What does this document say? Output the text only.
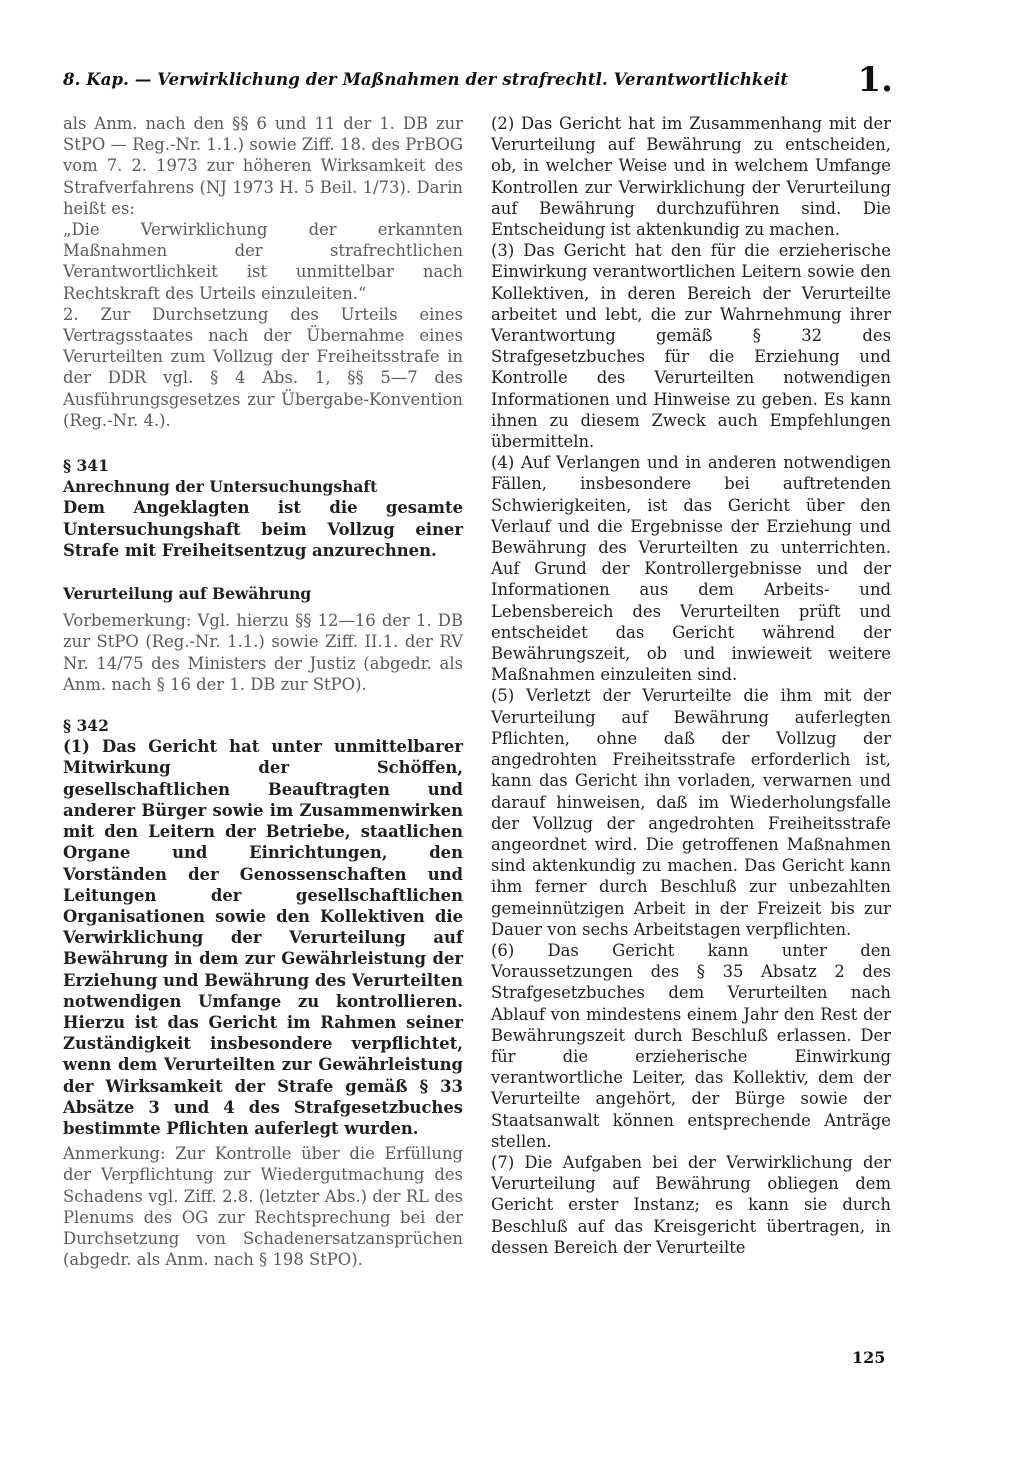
8. Kap. — Verwirklichung der Maßnahmen der strafrechtl. Verantwortlichkeit 1.

als Anm. nach den §§ 6 und 11 der 1. DB zur StPO — Reg.-Nr. 1.1.) sowie Ziff. 18. des PrBOG vom 7. 2. 1973 zur höheren Wirksamkeit des Strafverfahrens (NJ 1973 H. 5 Beil. 1/73). Darin heißt es:

„Die Verwirklichung der erkannten Maßnahmen der strafrechtlichen Verantwortlichkeit ist unmittelbar nach Rechtskraft des Urteils einzuleiten.“

2. Zur Durchsetzung des Urteils eines Vertragsstaates nach der Übernahme eines Verurteilten zum Vollzug der Freiheitsstrafe in der DDR vgl. § 4 Abs. 1, §§ 5—7 des Ausführungsgesetzes zur Übergabe-Konvention (Reg.-Nr. 4.).

§ 341

Anrechnung der Untersuchungshaft

Dem Angeklagten ist die gesamte Untersuchungshaft beim Vollzug einer Strafe mit Freiheitsentzug anzurechnen.

Verurteilung auf Bewährung

Vorbemerkung: Vgl. hierzu §§ 12—16 der 1. DB zur StPO (Reg.-Nr. 1.1.) sowie Ziff. II.1. der RV Nr. 14/75 des Ministers der Justiz (abgedr. als Anm. nach § 16 der 1. DB zur StPO).

§ 342

(1) Das Gericht hat unter unmittelbarer Mitwirkung der Schöffen, gesellschaftlichen Beauftragten und anderer Bürger sowie im Zusammenwirken mit den Leitern der Betriebe, staatlichen Organe und Einrichtungen, den Vorständen der Genossenschaften und Leitungen der gesellschaftlichen Organisationen sowie den Kollektiven die Verwirklichung der Verurteilung auf Bewährung in dem zur Gewährleistung der Erziehung und Bewährung des Verurteilten notwendigen Umfange zu kontrollieren. Hierzu ist das Gericht im Rahmen seiner Zuständigkeit insbesondere verpflichtet, wenn dem Verurteilten zur Gewährleistung der Wirksamkeit der Strafe gemäß § 33 Absätze 3 und 4 des Strafgesetzbuches bestimmte Pflichten auferlegt wurden.

Anmerkung: Zur Kontrolle über die Erfüllung der Verpflichtung zur Wiedergutmachung des Schadens vgl. Ziff. 2.8. (letzter Abs.) der RL des Plenums des OG zur Rechtsprechung bei der Durchsetzung von Schadenersatzansprüchen (abgedr. als Anm. nach § 198 StPO).

(2) Das Gericht hat im Zusammenhang mit der Verurteilung auf Bewährung zu entscheiden, ob, in welcher Weise und in welchem Umfange Kontrollen zur Verwirklichung der Verurteilung auf Bewährung durchzuführen sind. Die Entscheidung ist aktenkundig zu machen.

(3) Das Gericht hat den für die erzieherische Einwirkung verantwortlichen Leitern sowie den Kollektiven, in deren Bereich der Verurteilte arbeitet und lebt, die zur Wahrnehmung ihrer Verantwortung gemäß § 32 des Strafgesetzbuches für die Erziehung und Kontrolle des Verurteilten notwendigen Informationen und Hinweise zu geben. Es kann ihnen zu diesem Zweck auch Empfehlungen übermitteln.

(4) Auf Verlangen und in anderen notwendigen Fällen, insbesondere bei auftretenden Schwierigkeiten, ist das Gericht über den Verlauf und die Ergebnisse der Erziehung und Bewährung des Verurteilten zu unterrichten. Auf Grund der Kontrollergebnisse und der Informationen aus dem Arbeits- und Lebensbereich des Verurteilten prüft und entscheidet das Gericht während der Bewährungszeit, ob und inwieweit weitere Maßnahmen einzuleiten sind.

(5) Verletzt der Verurteilte die ihm mit der Verurteilung auf Bewährung auferlegten Pflichten, ohne daß der Vollzug der angedrohten Freiheitsstrafe erforderlich ist, kann das Gericht ihn vorladen, verwarnen und darauf hinweisen, daß im Wiederholungsfalle der Vollzug der angedrohten Freiheitsstrafe angeordnet wird. Die getroffenen Maßnahmen sind aktenkundig zu machen. Das Gericht kann ihm ferner durch Beschluß zur unbezahlten gemeinnützigen Arbeit in der Freizeit bis zur Dauer von sechs Arbeitstagen verpflichten.

(6) Das Gericht kann unter den Voraussetzungen des § 35 Absatz 2 des Strafgesetzbuches dem Verurteilten nach Ablauf von mindestens einem Jahr den Rest der Bewährungszeit durch Beschluß erlassen. Der für die erzieherische Einwirkung verantwortliche Leiter, das Kollektiv, dem der Verurteilte angehört, der Bürge sowie der Staatsanwalt können entsprechende Anträge stellen.

(7) Die Aufgaben bei der Verwirklichung der Verurteilung auf Bewährung obliegen dem Gericht erster Instanz; es kann sie durch Beschluß auf das Kreisgericht übertragen, in dessen Bereich der Verurteilte

125
